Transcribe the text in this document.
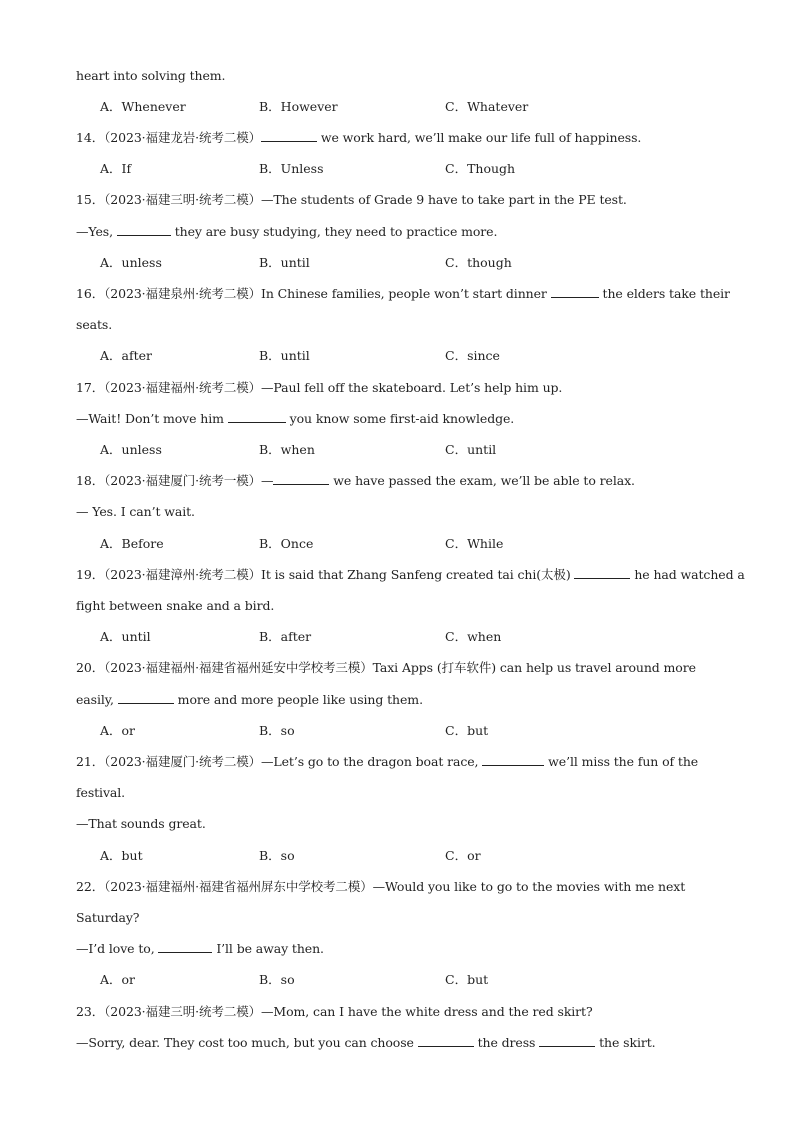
heart into solving them.
A．Whenever	B．However	C．Whatever
14．（2023·福建龙岩·统考二模）	we work hard, we’ll make our life full of happiness.
A．If	B．Unless	C．Though
15．（2023·福建三明·统考二模）—The students of Grade 9 have to take part in the PE test.
—Yes,	they are busy studying, they need to practice more.
A．unless	B．until	C．though
16．（2023·福建泉州·统考二模）In Chinese families, people won’t start dinner	the elders take their
seats.
A．after	B．until	C．since
17．（2023·福建福州·统考二模）—Paul fell off the skateboard. Let’s help him up.
—Wait! Don’t move him	you know some first-aid knowledge.
A．unless	B．when	C．until
18．（2023·福建厦门·统考一模）—	we have passed the exam, we’ll be able to relax.
— Yes. I can’t wait.
A．Before	B．Once	C．While
19．（2023·福建漳州·统考二模）It is said that Zhang Sanfeng created tai chi(太极)	he had watched a
fight between snake and a bird.
A．until	B．after	C．when
20．（2023·福建福州·福建省福州延安中学校考三模）Taxi Apps (打车软件) can help us travel around more
easily,	more and more people like using them.
A．or	B．so	C．but
21．（2023·福建厦门·统考二模）—Let’s go to the dragon boat race,	we’ll miss the fun of the
festival.
—That sounds great.
A．but	B．so	C．or
22．（2023·福建福州·福建省福州屏东中学校考二模）—Would you like to go to the movies with me next
Saturday?
—I’d love to,	I’ll be away then.
A．or	B．so	C．but
23．（2023·福建三明·统考二模）—Mom, can I have the white dress and the red skirt?
—Sorry, dear. They cost too much, but you can choose	the dress	the skirt.
